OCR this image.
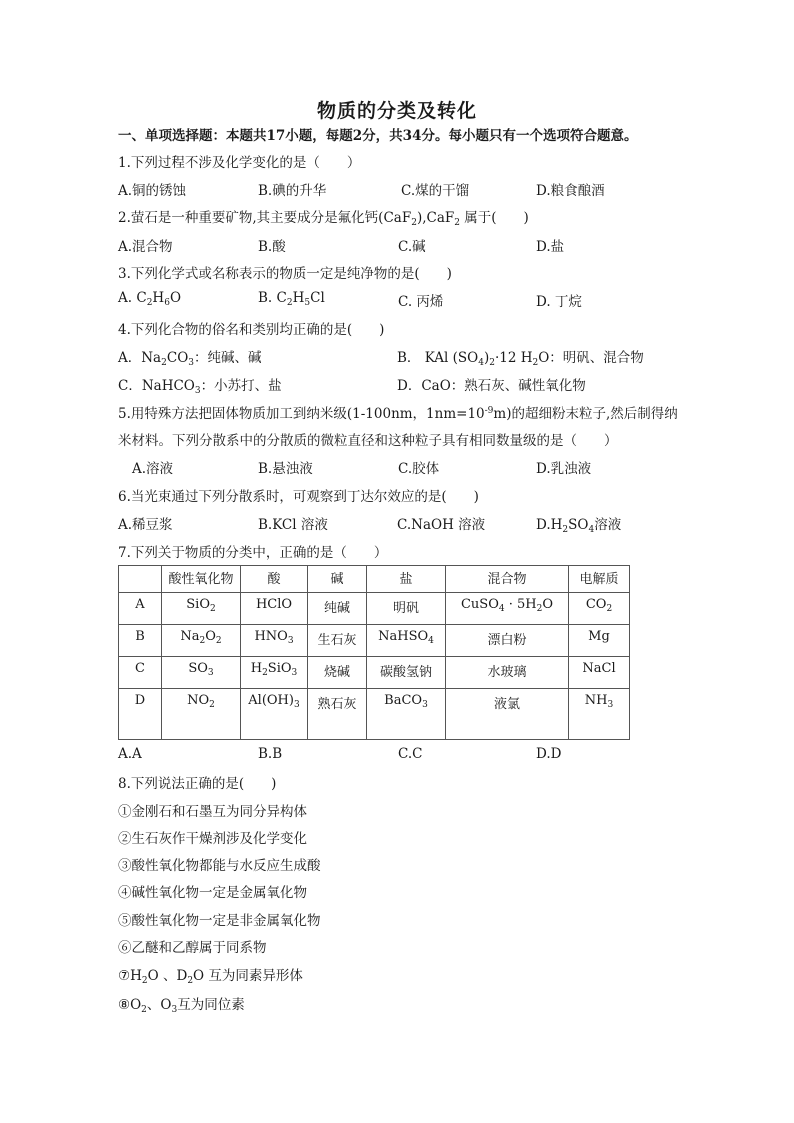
物质的分类及转化
一、单项选择题：本题共17小题，每题2分，共34分。每小题只有一个选项符合题意。
1.下列过程不涉及化学变化的是（　　）
A.铜的锈蚀	B.碘的升华	C.煤的干馏	D.粮食酿酒
2.萤石是一种重要矿物,其主要成分是氟化钙(CaF$_2$),CaF$_2$ 属于(　　)
A.混合物	B.酸	C.碱	D.盐
3.下列化学式或名称表示的物质一定是纯净物的是(　　)
A. $C_2H_6O$	B. $C_2H_5Cl$	C. 丙烯	D. 丁烷
4.下列化合物的俗名和类别均正确的是(　　)
A．$Na_2CO_3$：纯碱、碱	B． KAl $(SO_4)_2\cdot 12$ $H_2O$：明矾、混合物
C．NaHCO$_3$：小苏打、盐	D．CaO：熟石灰、碱性氧化物
5.用特殊方法把固体物质加工到纳米级(1-100nm，$1nm=10^{-9}m$)的超细粉末粒子,然后制得纳
米材料。下列分散系中的分散质的微粒直径和这种粒子具有相同数量级的是（　　）
A.溶液	B.悬浊液	C.胶体	D.乳浊液
6.当光束通过下列分散系时，可观察到丁达尔效应的是(　　)
A.稀豆浆	B.KCl 溶液	C.NaOH 溶液	$D.H_2SO_4$溶液
7.下列关于物质的分类中，正确的是（　　）
	酸性氧化物	酸	碱	盐	混合物	电解质
A	SiO$_2$	HClO	纯碱	明矾	CuSO$_4$ · $5H_2O$	$CO_2$
B	$Na_2O_2$	$HNO_3$	生石灰	NaHSO$_4$	漂白粉	Mg
C	$SO_3$	$H_2SiO_3$	烧碱	碳酸氢钠	水玻璃	NaCl
D	$NO_2$	$Al(OH)_3$	熟石灰	BaCO$_3$	液氯	$NH_3$
A.A	B.B	C.C	D.D
8.下列说法正确的是(　　)
①金刚石和石墨互为同分异构体
②生石灰作干燥剂涉及化学变化
③酸性氧化物都能与水反应生成酸
④碱性氧化物一定是金属氧化物
⑤酸性氧化物一定是非金属氧化物
⑥乙醚和乙醇属于同系物
$⑦H_2O$ 、$D_2O$ 互为同素异形体
$⑧O_2$、$O_3$互为同位素
